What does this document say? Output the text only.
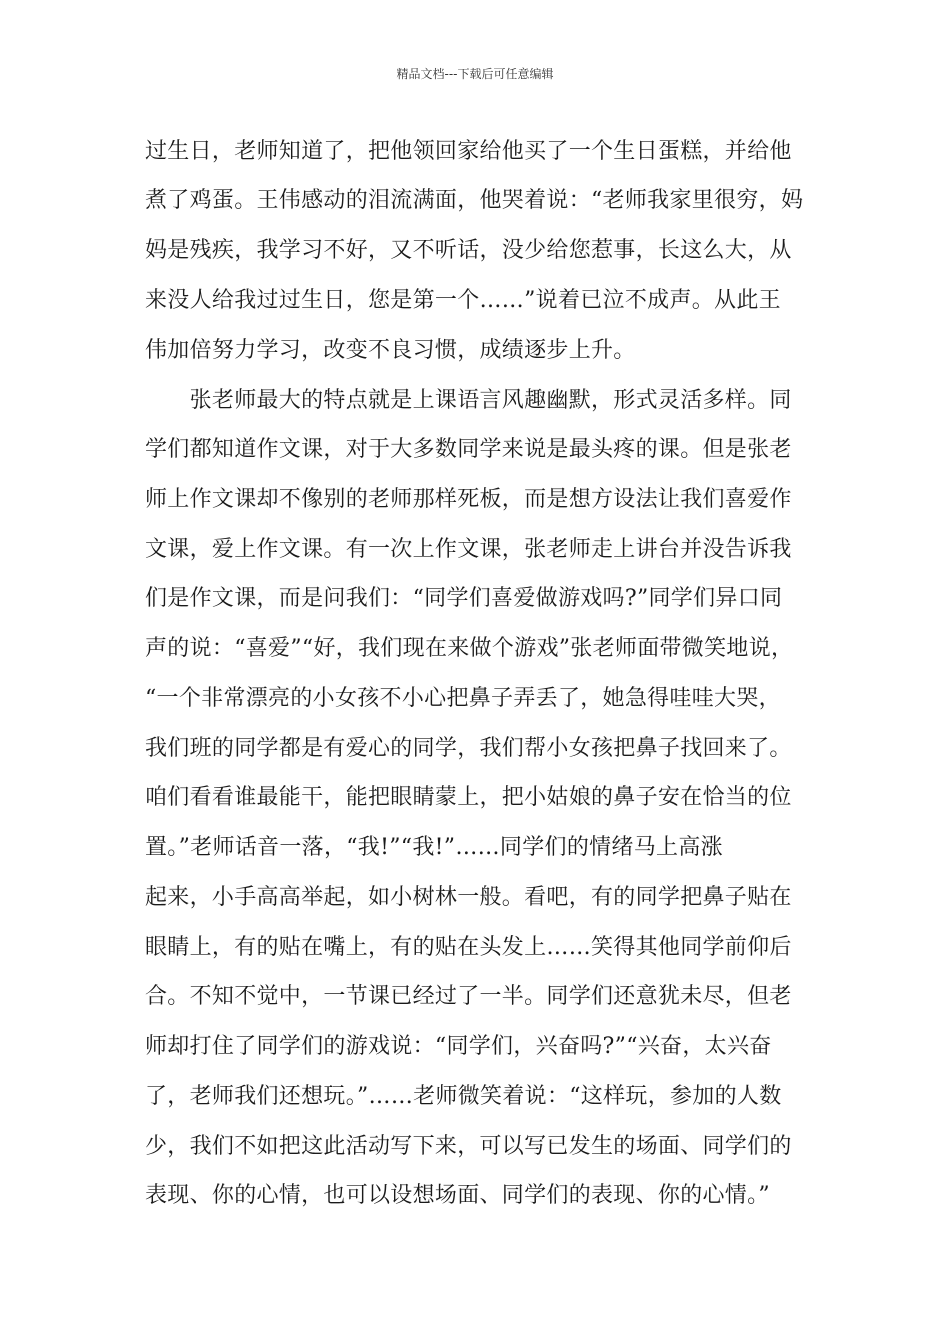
精品文档---下载后可任意编辑
过生日，老师知道了，把他领回家给他买了一个生日蛋糕，并给他
煮了鸡蛋。王伟感动的泪流满面，他哭着说：“老师我家里很穷，妈
妈是残疾，我学习不好，又不听话，没少给您惹事，长这么大，从
来没人给我过过生日，您是第一个……”说着已泣不成声。从此王
伟加倍努力学习，改变不良习惯，成绩逐步上升。
　　张老师最大的特点就是上课语言风趣幽默，形式灵活多样。同
学们都知道作文课，对于大多数同学来说是最头疼的课。但是张老
师上作文课却不像别的老师那样死板，而是想方设法让我们喜爱作
文课，爱上作文课。有一次上作文课，张老师走上讲台并没告诉我
们是作文课，而是问我们：“同学们喜爱做游戏吗?”同学们异口同
声的说：“喜爱”“好，我们现在来做个游戏”张老师面带微笑地说，
“一个非常漂亮的小女孩不小心把鼻子弄丢了，她急得哇哇大哭，
我们班的同学都是有爱心的同学，我们帮小女孩把鼻子找回来了。
咱们看看谁最能干，能把眼睛蒙上，把小姑娘的鼻子安在恰当的位
置。”老师话音一落，“我!”“我!”……同学们的情绪马上高涨
起来，小手高高举起，如小树林一般。看吧，有的同学把鼻子贴在
眼睛上，有的贴在嘴上，有的贴在头发上……笑得其他同学前仰后
合。不知不觉中，一节课已经过了一半。同学们还意犹未尽，但老
师却打住了同学们的游戏说：“同学们，兴奋吗?”“兴奋，太兴奋
了，老师我们还想玩。”……老师微笑着说：“这样玩，参加的人数
少，我们不如把这此活动写下来，可以写已发生的场面、同学们的
表现、你的心情，也可以设想场面、同学们的表现、你的心情。”
